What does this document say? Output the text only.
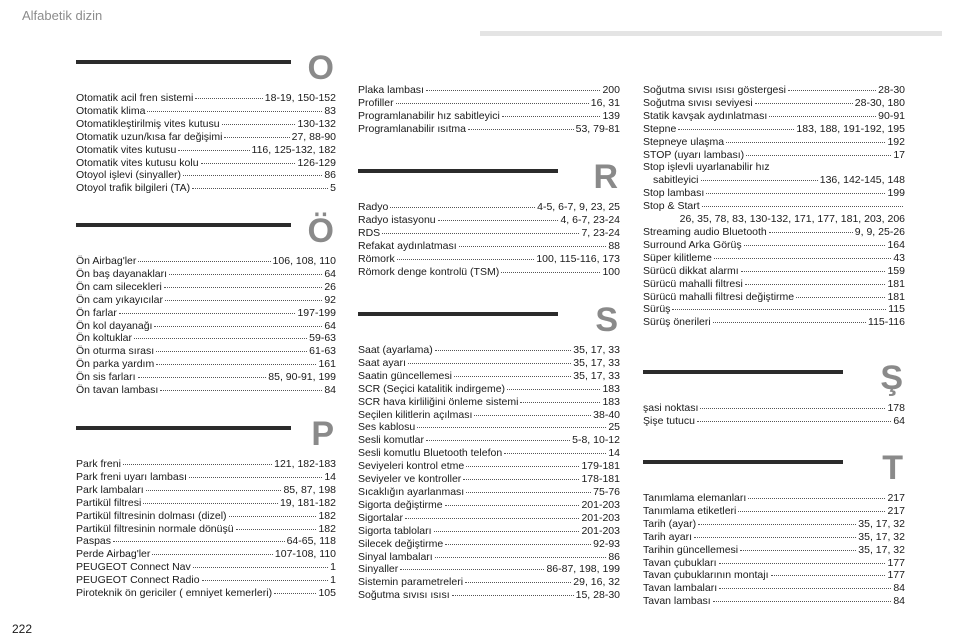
Alfabetik dizin
O
Otomatik acil fren sistemi	18-19, 150-152
Otomatik klima	83
Otomatikleştirilmiş vites kutusu	130-132
Otomatik uzun/kısa far değişimi	27, 88-90
Otomatik vites kutusu	116, 125-132, 182
Otomatik vites kutusu kolu	126-129
Otoyol işlevi (sinyaller)	86
Otoyol trafik bilgileri (TA)	5
Ö
Ön Airbag'ler	106, 108, 110
Ön baş dayanakları	64
Ön cam silecekleri	26
Ön cam yıkayıcılar	92
Ön farlar	197-199
Ön kol dayanağı	64
Ön koltuklar	59-63
Ön oturma sırası	61-63
Ön parka yardım	161
Ön sis farları	85, 90-91, 199
Ön tavan lambası	84
P
Park freni	121, 182-183
Park freni uyarı lambası	14
Park lambaları	85, 87, 198
Partikül filtresi	19, 181-182
Partikül filtresinin dolması (dizel)	182
Partikül filtresinin normale dönüşü	182
Paspas	64-65, 118
Perde Airbag'ler	107-108, 110
PEUGEOT Connect Nav	1
PEUGEOT Connect Radio	1
Piroteknik ön gericiler ( emniyet kemerleri)	105
Plaka lambası	200
Profiller	16, 31
Programlanabilir hız sabitleyici	139
Programlanabilir ısıtma	53, 79-81
R
Radyo	4-5, 6-7, 9, 23, 25
Radyo istasyonu	4, 6-7, 23-24
RDS	7, 23-24
Refakat aydınlatması	88
Römork	100, 115-116, 173
Römork denge kontrolü (TSM)	100
S
Saat (ayarlama)	35, 17, 33
Saat ayarı	35, 17, 33
Saatin güncellemesi	35, 17, 33
SCR (Seçici katalitik indirgeme)	183
SCR hava kirliliğini önleme sistemi	183
Seçilen kilitlerin açılması	38-40
Ses kablosu	25
Sesli komutlar	5-8, 10-12
Sesli komutlu Bluetooth telefon	14
Seviyeleri kontrol etme	179-181
Seviyeler ve kontroller	178-181
Sıcaklığın ayarlanması	75-76
Sigorta değiştirme	201-203
Sigortalar	201-203
Sigorta tabloları	201-203
Silecek değiştirme	92-93
Sinyal lambaları	86
Sinyaller	86-87, 198, 199
Sistemin parametreleri	29, 16, 32
Soğutma sıvısı ısısı	15, 28-30
Soğutma sıvısı ısısı göstergesi	28-30
Soğutma sıvısı seviyesi	28-30, 180
Statik kavşak aydınlatması	90-91
Stepne	183, 188, 191-192, 195
Stepneye ulaşma	192
STOP (uyarı lambası)	17
Stop işlevli uyarlanabilir hız
sabitleyici	136, 142-145, 148
Stop lambası	199
Stop & Start
26, 35, 78, 83, 130-132, 171, 177, 181, 203, 206
Streaming audio Bluetooth	9, 9, 25-26
Surround Arka Görüş	164
Süper kilitleme	43
Sürücü dikkat alarmı	159
Sürücü mahalli filtresi	181
Sürücü mahalli filtresi değiştirme	181
Sürüş	115
Sürüş önerileri	115-116
Ş
şasi noktası	178
Şişe tutucu	64
T
Tanımlama elemanları	217
Tanımlama etiketleri	217
Tarih (ayar)	35, 17, 32
Tarih ayarı	35, 17, 32
Tarihin güncellemesi	35, 17, 32
Tavan çubukları	177
Tavan çubuklarının montajı	177
Tavan lambaları	84
Tavan lambası	84
222
